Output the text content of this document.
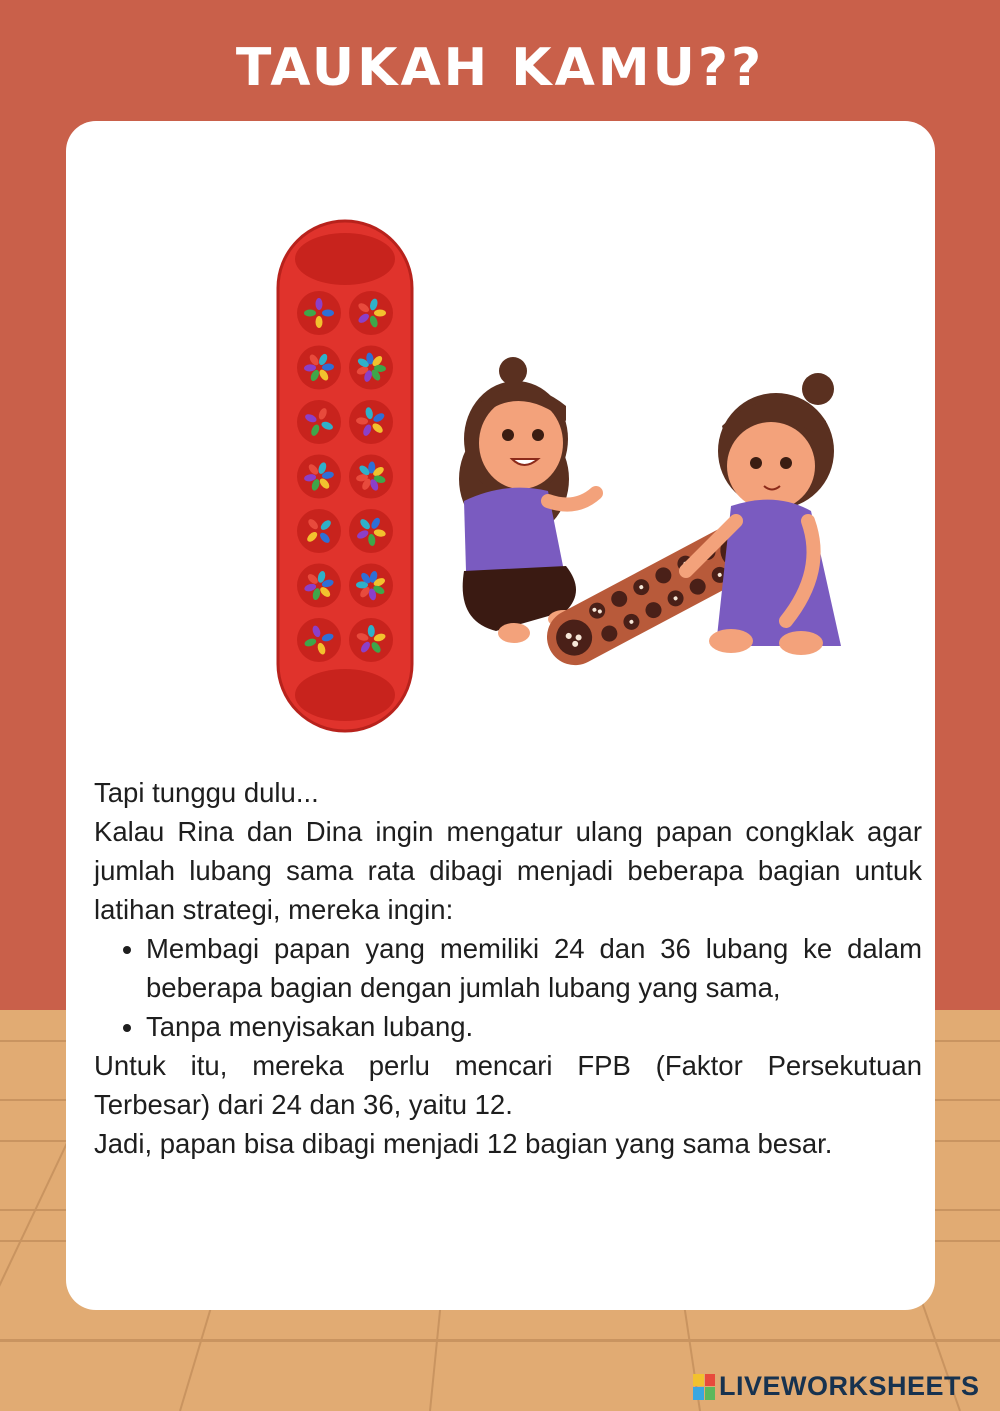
TAUKAH KAMU??

Tapi tunggu dulu...

Kalau Rina dan Dina ingin mengatur ulang papan congklak agar jumlah lubang sama rata dibagi menjadi beberapa bagian untuk latihan strategi, mereka ingin:

• Membagi papan yang memiliki 24 dan 36 lubang ke dalam beberapa bagian dengan jumlah lubang yang sama,
• Tanpa menyisakan lubang.

Untuk itu, mereka perlu mencari FPB (Faktor Persekutuan Terbesar) dari 24 dan 36, yaitu 12.

Jadi, papan bisa dibagi menjadi 12 bagian yang sama besar.

LIVEWORKSHEETS
